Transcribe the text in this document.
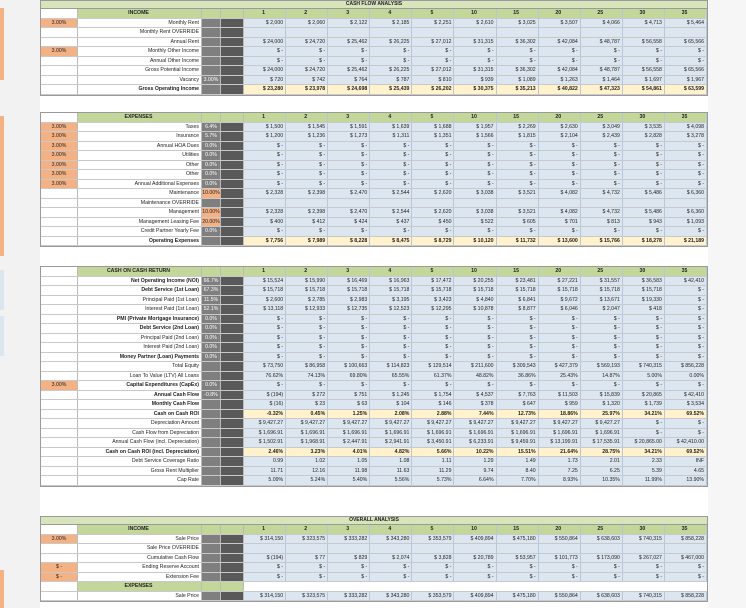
CASH FLOW ANALYSIS
INCOME	1	2	3	4	5	10	15	20	25	30	35
3.00%	Monthly Rent	$ 2,000	$ 2,060	$ 2,122	$ 2,185	$ 2,251	$ 2,610	$ 3,025	$ 3,507	$ 4,066	$ 4,713	$ 5,464
Monthly Rent OVERRIDE
Annual Rent	$ 24,000	$ 24,720	$ 25,462	$ 26,225	$ 27,012	$ 31,315	$ 36,302	$ 42,084	$ 48,787	$ 56,558	$ 65,566
3.00%	Monthly Other Income	$ -	$ -	$ -	$ -	$ -	$ -	$ -	$ -	$ -	$ -	$ -
Annual Other Income	$ -	$ -	$ -	$ -	$ -	$ -	$ -	$ -	$ -	$ -	$ -
Gross Potential Income	$ 24,000	$ 24,720	$ 25,462	$ 26,225	$ 27,012	$ 31,315	$ 36,302	$ 42,084	$ 48,787	$ 56,558	$ 65,566
Vacancy 3.00%	$ 720	$ 742	$ 764	$ 787	$ 810	$ 939	$ 1,089	$ 1,263	$ 1,464	$ 1,697	$ 1,967
Gross Operating Income	$ 23,280	$ 23,978	$ 24,698	$ 25,439	$ 26,202	$ 30,375	$ 35,213	$ 40,822	$ 47,323	$ 54,861	$ 63,599
EXPENSES	1	2	3	4	5	10	15	20	25	30	35
3.00%	Taxes	6.4%	$ 1,500	$ 1,545	$ 1,591	$ 1,639	$ 1,688	$ 1,957	$ 2,269	$ 2,630	$ 3,049	$ 3,535	$ 4,098
3.00%	Insurance	5.7%	$ 1,200	$ 1,236	$ 1,273	$ 1,311	$ 1,351	$ 1,566	$ 1,815	$ 2,104	$ 2,439	$ 2,828	$ 3,278
3.00%	Annual HOA Dues	0.0%	$ -	$ -	$ -	$ -	$ -	$ -	$ -	$ -	$ -	$ -	$ -
3.00%	Utilities	0.0%	$ -	$ -	$ -	$ -	$ -	$ -	$ -	$ -	$ -	$ -	$ -
3.00%	Other	0.0%	$ -	$ -	$ -	$ -	$ -	$ -	$ -	$ -	$ -	$ -	$ -
3.00%	Other	0.0%	$ -	$ -	$ -	$ -	$ -	$ -	$ -	$ -	$ -	$ -	$ -
3.00%	Annual Additional Expenses	0.0%	$ -	$ -	$ -	$ -	$ -	$ -	$ -	$ -	$ -	$ -	$ -
Maintenance 10.00%	$ 2,328	$ 2,398	$ 2,470	$ 2,544	$ 2,620	$ 3,038	$ 3,521	$ 4,082	$ 4,732	$ 5,486	$ 6,360
Maintenance OVERRIDE
Management 10.00%	$ 2,328	$ 2,398	$ 2,470	$ 2,544	$ 2,620	$ 3,038	$ 3,521	$ 4,082	$ 4,732	$ 5,486	$ 6,360
Management Leasing Fee 20.00%	$ 400	$ 412	$ 424	$ 437	$ 450	$ 522	$ 605	$ 701	$ 813	$ 943	$ 1,093
Credit Partner Yearly Fee	0.0%	$ -	$ -	$ -	$ -	$ -	$ -	$ -	$ -	$ -	$ -	$ -
Operating Expenses	$ 7,756	$ 7,989	$ 8,228	$ 8,475	$ 8,729	$ 10,120	$ 11,732	$ 13,600	$ 15,766	$ 18,278	$ 21,189
CASH ON CASH RETURN	1	2	3	4	5	10	15	20	25	30	35
Net Operating Income (NOI) 66.7%	$ 15,524	$ 15,990	$ 16,469	$ 16,963	$ 17,472	$ 20,255	$ 23,481	$ 27,221	$ 31,557	$ 36,583	$ 42,410
Debt Service (1st Loan) 67.3%	$ 15,718	$ 15,718	$ 15,718	$ 15,718	$ 15,718	$ 15,718	$ 15,718	$ 15,718	$ 15,718	$ 15,718	$ -
Principal Paid (1st Loan) 11.5%	$ 2,600	$ 2,785	$ 2,983	$ 3,195	$ 3,423	$ 4,840	$ 6,841	$ 9,672	$ 13,671	$ 19,330	$ -
Interest Paid (1st Loan) 52.1%	$ 13,118	$ 12,933	$ 12,735	$ 12,523	$ 12,295	$ 10,878	$ 8,877	$ 6,046	$ 2,047	$ 418	$ -
PMI (Private Mortgage Insurance)	0.0%	$ -	$ -	$ -	$ -	$ -	$ -	$ -	$ -	$ -	$ -	$ -
Debt Service (2nd Loan)	0.0%	$ -	$ -	$ -	$ -	$ -	$ -	$ -	$ -	$ -	$ -	$ -
Principal Paid (2nd Loan)	0.0%	$ -	$ -	$ -	$ -	$ -	$ -	$ -	$ -	$ -	$ -	$ -
Interest Paid (2nd Loan)	0.0%	$ -	$ -	$ -	$ -	$ -	$ -	$ -	$ -	$ -	$ -	$ -
Money Partner (Loan) Payments	0.0%	$ -	$ -	$ -	$ -	$ -	$ -	$ -	$ -	$ -	$ -	$ -
Total Equity	$ 73,750	$ 86,958	$ 100,663	$ 114,823	$ 129,514	$ 211,600	$ 309,543	$ 427,379	$ 569,193	$ 740,315	$ 856,228
Loan To Value (LTV) All Loans	76.62%	74.13%	69.80%	65.55%	61.37%	48.82%	36.86%	25.43%	14.87%	5.00%	0.00%
3.00%	Capital Expenditures (CapEx)	0.0%	$ -	$ -	$ -	$ -	$ -	$ -	$ -	$ -	$ -	$ -	$ -
Annual Cash Flow	-0.8%	$ (194)	$ 272	$ 751	$ 1,245	$ 1,754	$ 4,537	$ 7,763	$ 11,503	$ 15,839	$ 20,865	$ 42,410
Monthly Cash Flow	$ (16)	$ 23	$ 63	$ 104	$ 146	$ 378	$ 647	$ 959	$ 1,320	$ 1,739	$ 3,534
Cash on Cash ROI	-0.32%	0.45%	1.25%	2.08%	2.88%	7.44%	12.73%	18.86%	25.97%	34.21%	69.52%
Depreciation Amount	$ 9,427.27	$ 9,427.27	$ 9,427.27	$ 9,427.27	$ 9,427.27	$ 9,427.27	$ 9,427.27	$ 9,427.27	$ 9,427.27	$ -	$ -
Cash Flow from Depreciation	$ 1,696.91	$ 1,696.91	$ 1,696.91	$ 1,696.91	$ 1,696.91	$ 1,696.91	$ 1,696.91	$ 1,696.91	$ 1,696.91	$ -	$ -
Annual Cash Flow (incl. Depreciation)	$ 1,502.91	$ 1,968.91	$ 2,447.91	$ 2,941.91	$ 3,450.91	$ 6,233.91	$ 9,459.91	$ 13,199.91	$ 17,535.91	$ 20,865.00	$ 42,410.00
Cash on Cash ROI (incl. Depreciation)	2.46%	3.23%	4.01%	4.82%	5.66%	10.22%	15.51%	21.64%	28.75%	34.21%	69.52%
Debt Service Coverage Ratio	0.99	1.02	1.05	1.08	1.11	1.29	1.49	1.73	2.01	2.33	INF
Gross Rent Multiplier	11.71	12.16	11.98	11.63	11.29	9.74	8.40	7.25	6.25	5.39	4.65
Cap Rate	5.09%	5.24%	5.40%	5.56%	5.73%	6.64%	7.70%	8.93%	10.35%	11.99%	13.90%
OVERALL ANALYSIS
INCOME	1	2	3	4	5	10	15	20	25	30	35
3.00%	Sale Price	$ 314,150	$ 323,575	$ 333,282	$ 343,280	$ 353,579	$ 409,894	$ 475,180	$ 550,864	$ 638,603	$ 740,315	$ 858,228
Sale Price OVERRIDE
Cumulative Cash Flow	$ (194)	$ 77	$ 829	$ 2,074	$ 3,828	$ 20,789	$ 53,957	$ 101,773	$ 173,090	$ 267,027	$ 467,000
$ -	Ending Reserve Account	$ -	$ -	$ -	$ -	$ -	$ -	$ -	$ -	$ -	$ -	$ -
$ -	Extension Fee	$ -	$ -	$ -	$ -	$ -	$ -	$ -	$ -	$ -	$ -	$ -
EXPENSES
Sale Price	$ 314,150	$ 323,575	$ 333,282	$ 343,280	$ 353,579	$ 409,894	$ 475,180	$ 550,864	$ 638,603	$ 740,315	$ 858,228
